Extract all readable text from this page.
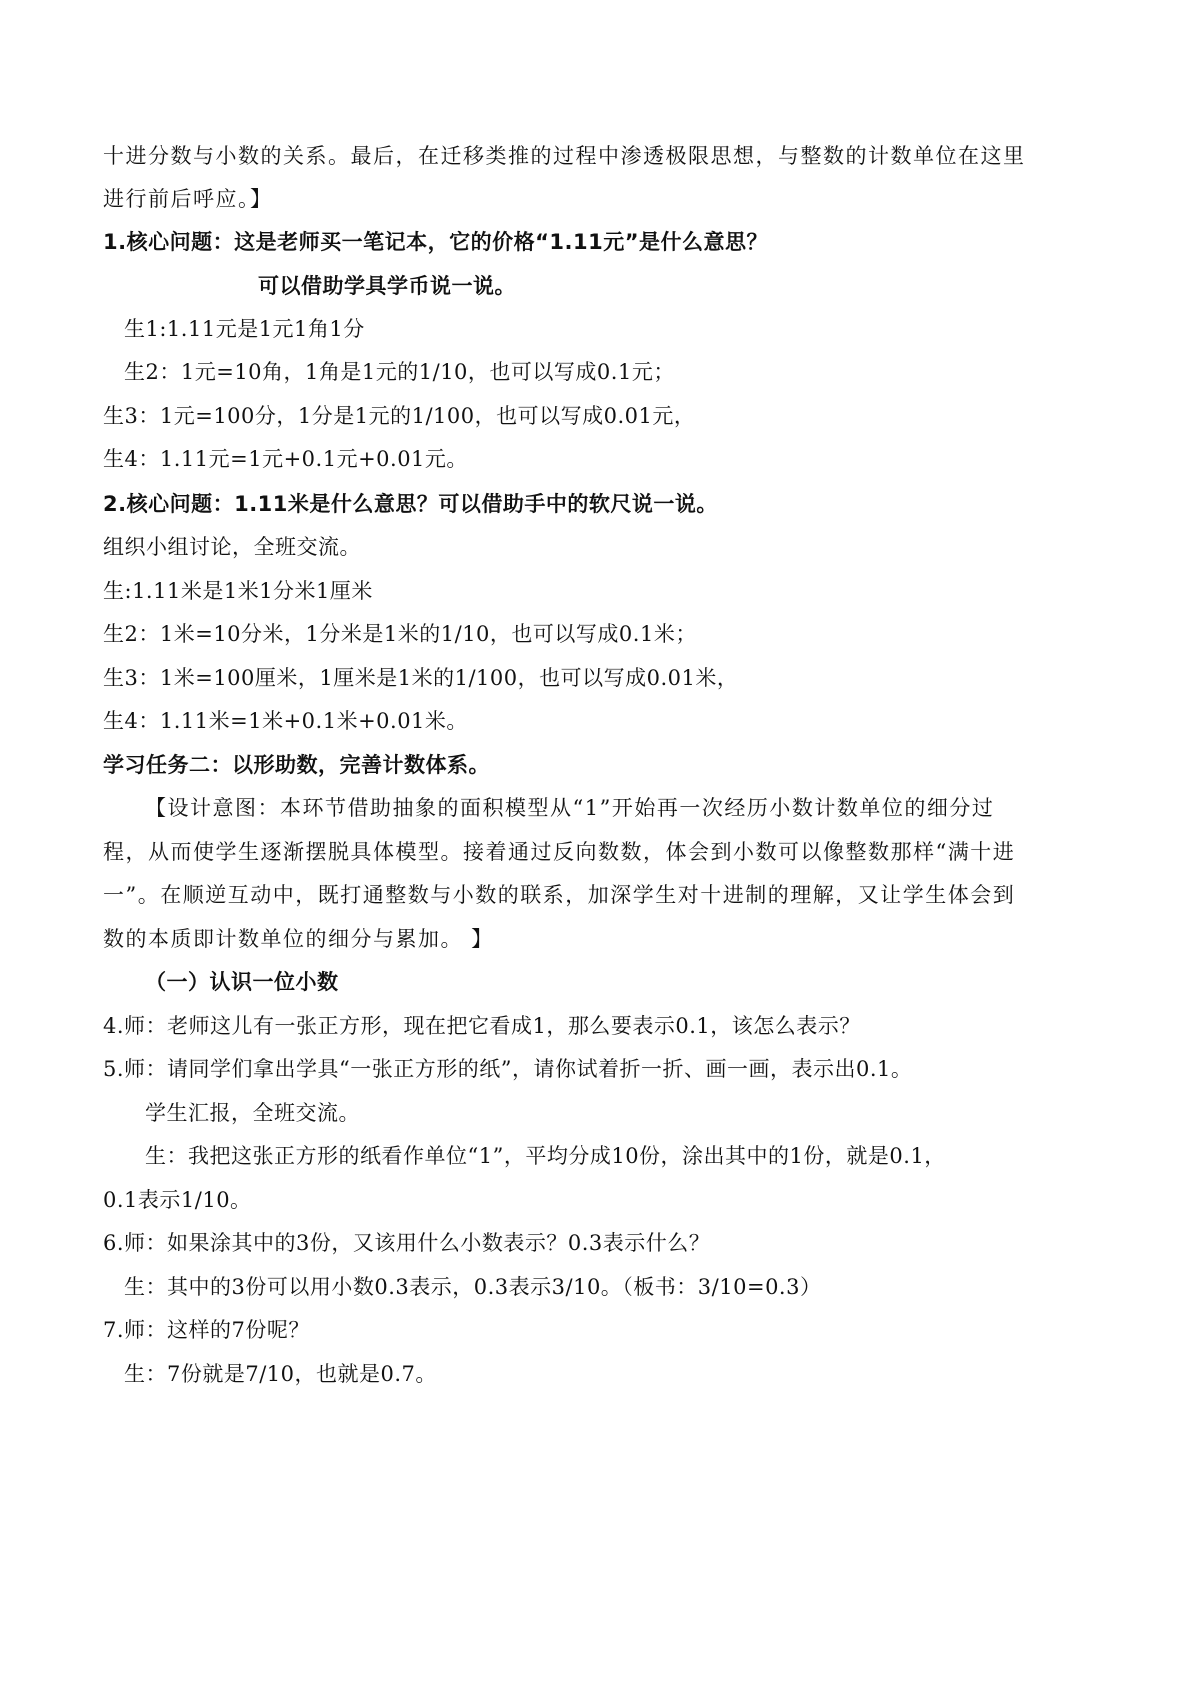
十进分数与小数的关系。最后，在迁移类推的过程中渗透极限思想，与整数的计数单位在这里
进行前后呼应。】
1.核心问题：这是老师买一笔记本，它的价格“1.11元”是什么意思？
可以借助学具学币说一说。
生1:1.11元是1元1角1分
生2：1元=10角，1角是1元的1/10，也可以写成0.1元；
生3：1元=100分，1分是1元的1/100，也可以写成0.01元，
生4：1.11元=1元+0.1元+0.01元。
2.核心问题：1.11米是什么意思？可以借助手中的软尺说一说。
组织小组讨论，全班交流。
生:1.11米是1米1分米1厘米
生2：1米=10分米，1分米是1米的1/10，也可以写成0.1米；
生3：1米=100厘米，1厘米是1米的1/100，也可以写成0.01米，
生4：1.11米=1米+0.1米+0.01米。
学习任务二：以形助数，完善计数体系。
【设计意图：本环节借助抽象的面积模型从“1”开始再一次经历小数计数单位的细分过
程，从而使学生逐渐摆脱具体模型。接着通过反向数数，体会到小数可以像整数那样“满十进
一”。在顺逆互动中，既打通整数与小数的联系，加深学生对十进制的理解，又让学生体会到
数的本质即计数单位的细分与累加。 】
（一）认识一位小数
4.师：老师这儿有一张正方形，现在把它看成1，那么要表示0.1，该怎么表示？
5.师：请同学们拿出学具“一张正方形的纸”，请你试着折一折、画一画，表示出0.1。
学生汇报，全班交流。
生：我把这张正方形的纸看作单位“1”，平均分成10份，涂出其中的1份，就是0.1，
0.1表示1/10。
6.师：如果涂其中的3份，又该用什么小数表示？0.3表示什么？
生：其中的3份可以用小数0.3表示，0.3表示3/10。（板书：3/10=0.3）
7.师：这样的7份呢？
生：7份就是7/10，也就是0.7。
